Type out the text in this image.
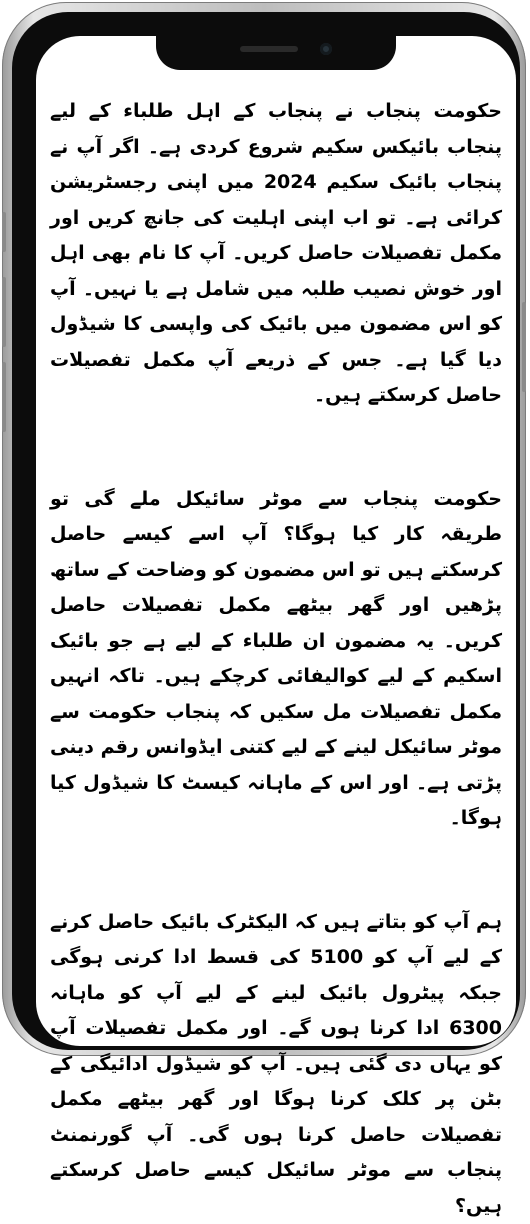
حکومت پنجاب نے پنجاب کے اہل طلباء کے لیے پنجاب بائیکس سکیم شروع کردی ہے۔ اگر آپ نے پنجاب بائیک سکیم 2024 میں اپنی رجسٹریشن کرائی ہے۔ تو اب اپنی اہلیت کی جانچ کریں اور مکمل تفصیلات حاصل کریں۔ آپ کا نام بھی اہل اور خوش نصیب طلبہ میں شامل ہے یا نہیں۔ آپ کو اس مضمون میں بائیک کی واپسی کا شیڈول دیا گیا ہے۔ جس کے ذریعے آپ مکمل تفصیلات حاصل کرسکتے ہیں۔

حکومت پنجاب سے موٹر سائیکل ملے گی تو طریقہ کار کیا ہوگا؟ آپ اسے کیسے حاصل کرسکتے ہیں تو اس مضمون کو وضاحت کے ساتھ پڑھیں اور گھر بیٹھے مکمل تفصیلات حاصل کریں۔ یہ مضمون ان طلباء کے لیے ہے جو بائیک اسکیم کے لیے کوالیفائی کرچکے ہیں۔ تاکہ انہیں مکمل تفصیلات مل سکیں کہ پنجاب حکومت سے موٹر سائیکل لینے کے لیے کتنی ایڈوانس رقم دینی پڑتی ہے۔ اور اس کے ماہانہ کیسٹ کا شیڈول کیا ہوگا۔

ہم آپ کو بتاتے ہیں کہ الیکٹرک بائیک حاصل کرنے کے لیے آپ کو 5100 کی قسط ادا کرنی ہوگی جبکہ پیٹرول بائیک لینے کے لیے آپ کو ماہانہ 6300 ادا کرنا ہوں گے۔ اور مکمل تفصیلات آپ کو یہاں دی گئی ہیں۔ آپ کو شیڈول ادائیگی کے بٹن پر کلک کرنا ہوگا اور گھر بیٹھے مکمل تفصیلات حاصل کرنا ہوں گی۔ آپ گورنمنٹ پنجاب سے موٹر سائیکل کیسے حاصل کرسکتے ہیں؟
